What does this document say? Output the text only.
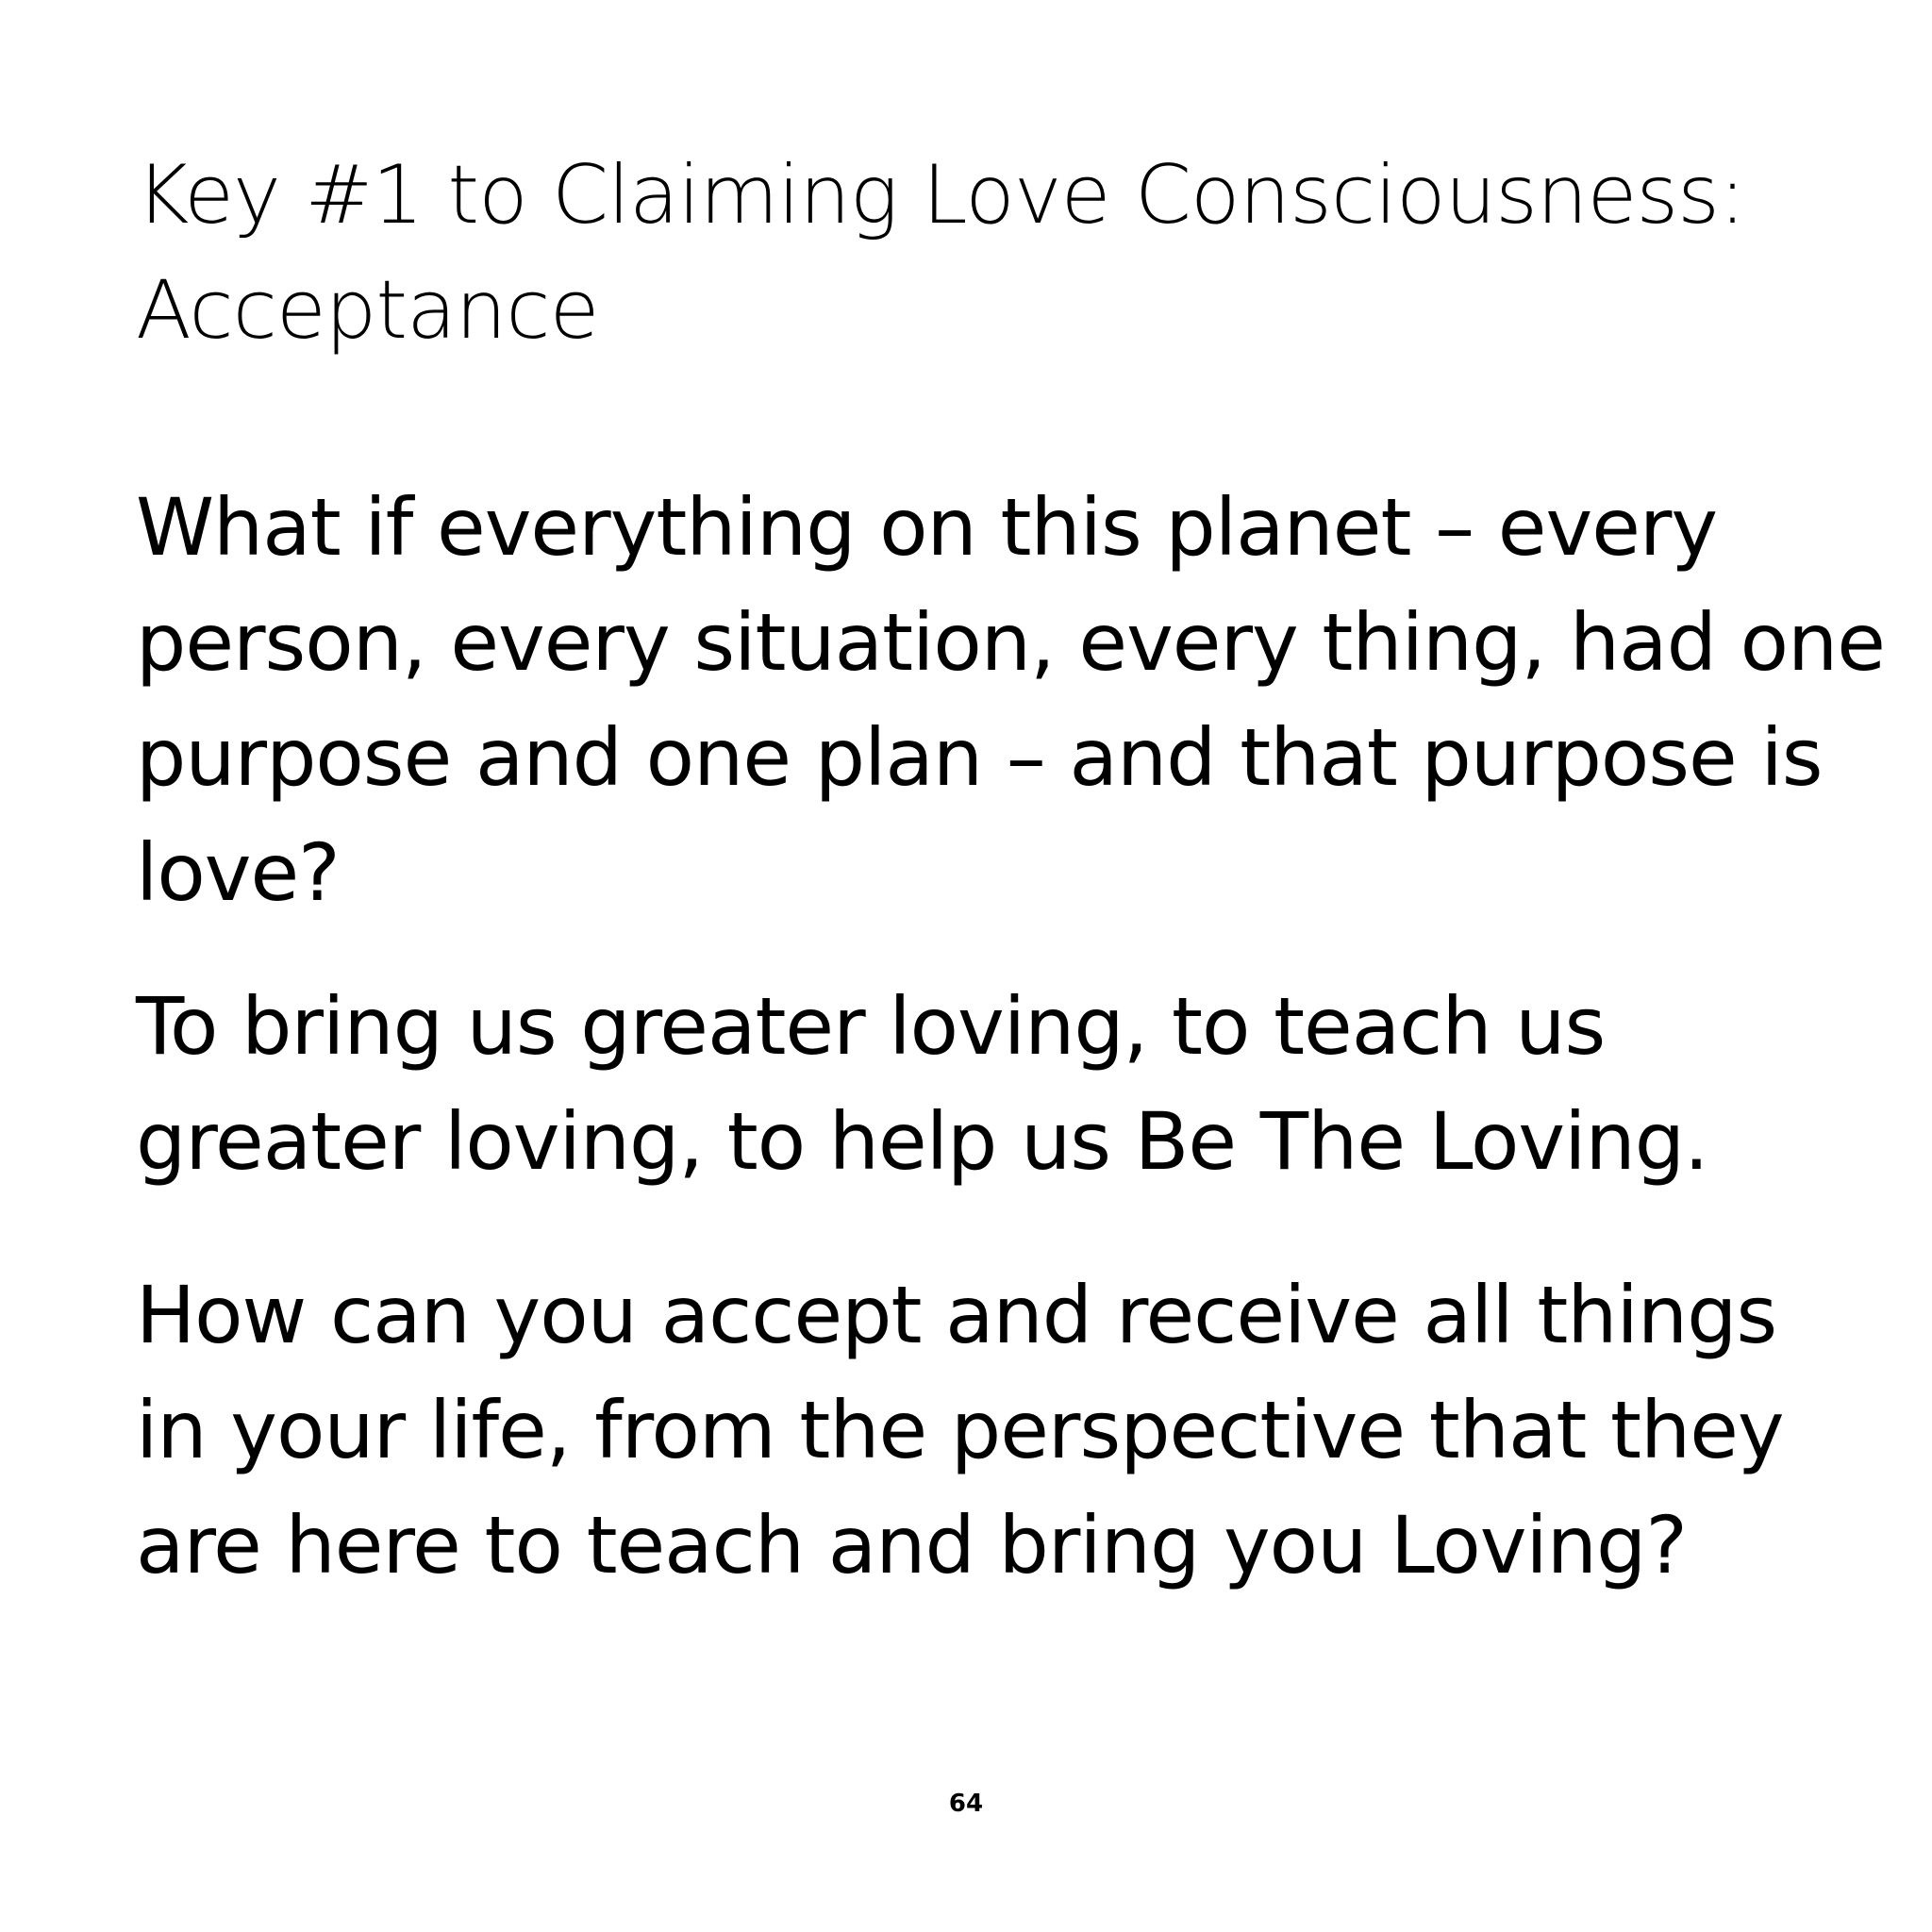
Key #1 to Claiming Love Consciousness:
Acceptance

What if everything on this planet – every
person, every situation, every thing, had one
purpose and one plan – and that purpose is
love?

To bring us greater loving, to teach us
greater loving, to help us Be The Loving.

How can you accept and receive all things
in your life, from the perspective that they
are here to teach and bring you Loving?

64
